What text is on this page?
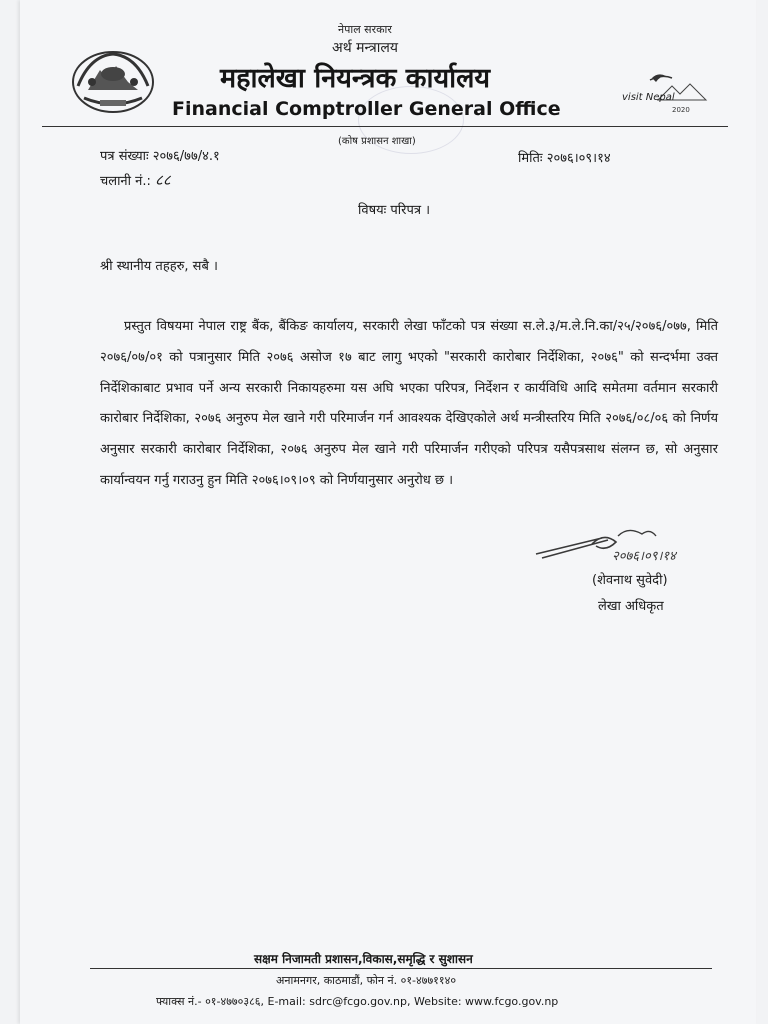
नेपाल सरकार
अर्थ मन्त्रालय
महालेखा नियन्त्रक कार्यालय
Financial Comptroller General Office
(कोष प्रशासन शाखा)
visit Nepal
2020
पत्र संख्याः २०७६/७७/४.१
चलानी नं.: ८८
मितिः २०७६।०९।१४
विषयः परिपत्र ।
श्री स्थानीय तहहरु, सबै ।
प्रस्तुत विषयमा नेपाल राष्ट्र बैंक, बैंकिङ कार्यालय, सरकारी लेखा फाँटको पत्र संख्या स.ले.३/म.ले.नि.का/२५/२०७६/०७७, मिति २०७६/०७/०१ को पत्रानुसार मिति २०७६ असोज १७ बाट लागु भएको "सरकारी कारोबार निर्देशिका, २०७६" को सन्दर्भमा उक्त निर्देशिकाबाट प्रभाव पर्ने अन्य सरकारी निकायहरुमा यस अघि भएका परिपत्र, निर्देशन र कार्यविधि आदि समेतमा वर्तमान सरकारी कारोबार निर्देशिका, २०७६ अनुरुप मेल खाने गरी परिमार्जन गर्न आवश्यक देखिएकोले अर्थ मन्त्रीस्तरिय मिति २०७६/०८/०६ को निर्णय अनुसार सरकारी कारोबार निर्देशिका, २०७६ अनुरुप मेल खाने गरी परिमार्जन गरीएको परिपत्र यसैपत्रसाथ संलग्न छ, सो अनुसार कार्यान्वयन गर्नु गराउनु हुन मिति २०७६।०९।०९ को निर्णयानुसार अनुरोध छ ।
२०७६।०९।१४
(शेवनाथ सुवेदी)
लेखा अधिकृत
सक्षम निजामती प्रशासन,विकास,समृद्धि र सुशासन
अनामनगर, काठमाडौं, फोन नं. ०१-४७७११४०
फ्याक्स नं.- ०१-४७७०३८६, E-mail: sdrc@fcgo.gov.np, Website: www.fcgo.gov.np
